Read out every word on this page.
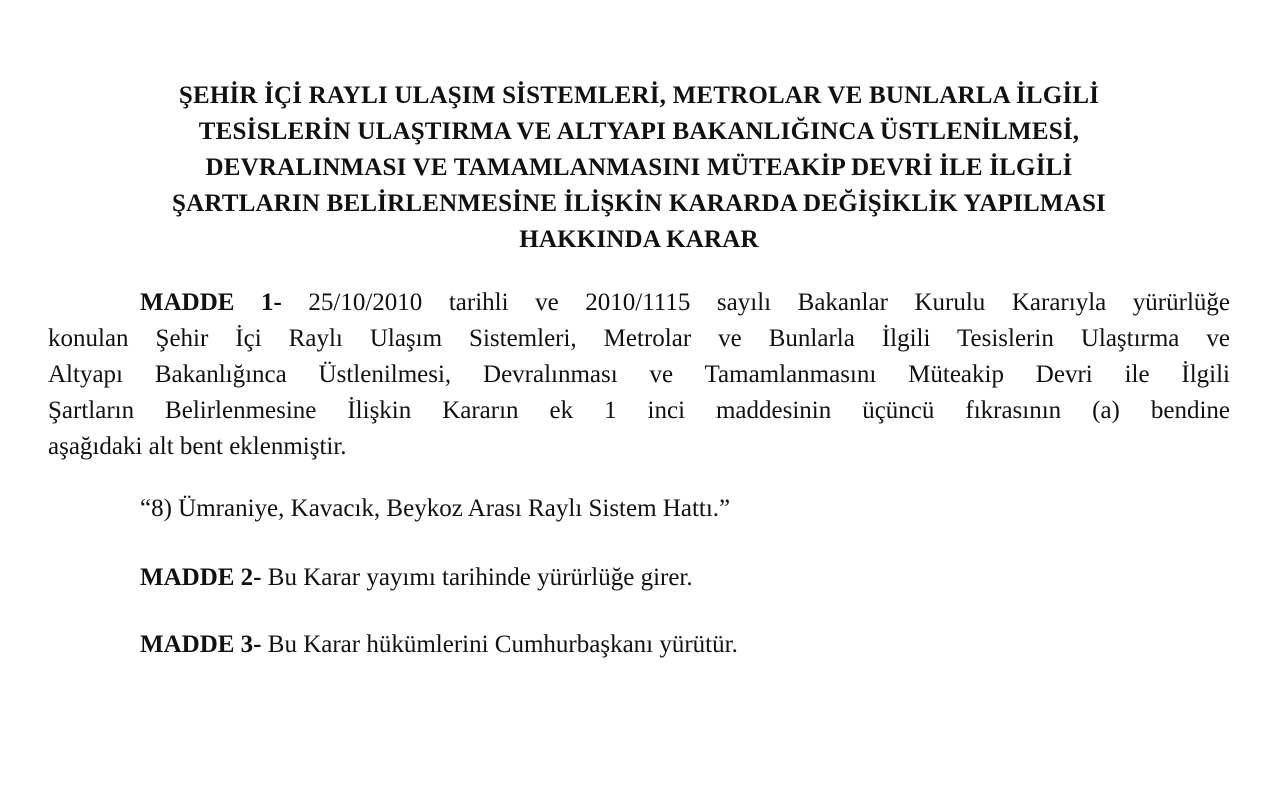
ŞEHİR İÇİ RAYLI ULAŞIM SİSTEMLERİ, METROLAR VE BUNLARLA İLGİLİ
TESİSLERİN ULAŞTIRMA VE ALTYAPI BAKANLIĞINCA ÜSTLENİLMESİ,
DEVRALINMASI VE TAMAMLANMASINI MÜTEAKİP DEVRİ İLE İLGİLİ
ŞARTLARIN BELİRLENMESİNE İLİŞKİN KARARDA DEĞİŞİKLİK YAPILMASI
HAKKINDA KARAR
MADDE 1- 25/10/2010 tarihli ve 2010/1115 sayılı Bakanlar Kurulu Kararıyla yürürlüğe
konulan Şehir İçi Raylı Ulaşım Sistemleri, Metrolar ve Bunlarla İlgili Tesislerin Ulaştırma ve
Altyapı Bakanlığınca Üstlenilmesi, Devralınması ve Tamamlanmasını Müteakip Devri ile İlgili
Şartların Belirlenmesine İlişkin Kararın ek 1 inci maddesinin üçüncü fıkrasının (a) bendine
aşağıdaki alt bent eklenmiştir.
“8) Ümraniye, Kavacık, Beykoz Arası Raylı Sistem Hattı.”
MADDE 2- Bu Karar yayımı tarihinde yürürlüğe girer.
MADDE 3- Bu Karar hükümlerini Cumhurbaşkanı yürütür.
